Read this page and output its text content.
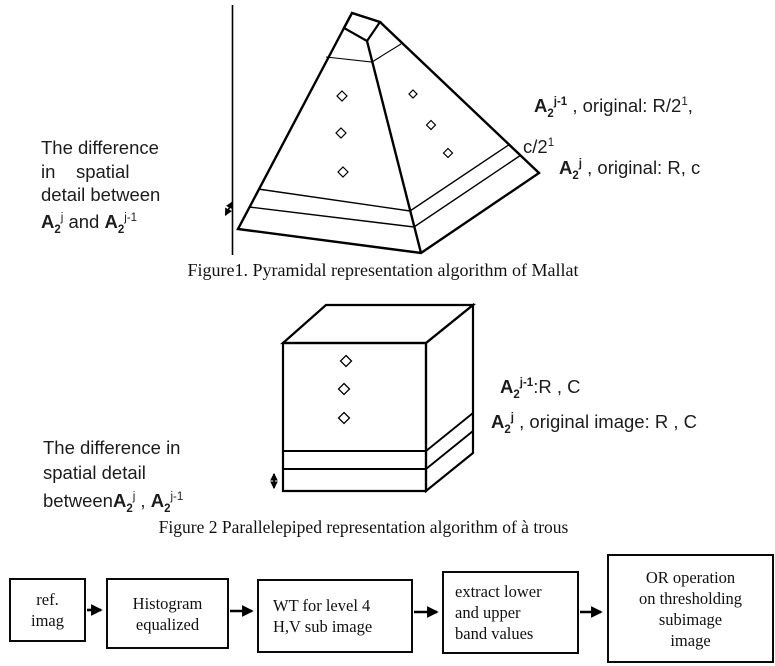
The difference
in    spatial
detail between
$A_2^j$ and $A_2^{j-1}$
$A_2^{j-1}$ , original: $R/2^1$,
$c/2^1$
$A_2^j$ , original: R, c
Figure1. Pyramidal representation algorithm of Mallat
The difference in
spatial detail
betweenA$_2^j$ , $A_2^{j-1}$
$A_2^{j-1}:R$ , C
$A_2^j$ , original image: R , C
Figure 2 Parallelepiped representation algorithm of à trous
ref.
imag
Histogram
equalized
WT for level 4
H,V sub image
extract lower
and upper
band values
OR operation
on thresholding
subimage
image
